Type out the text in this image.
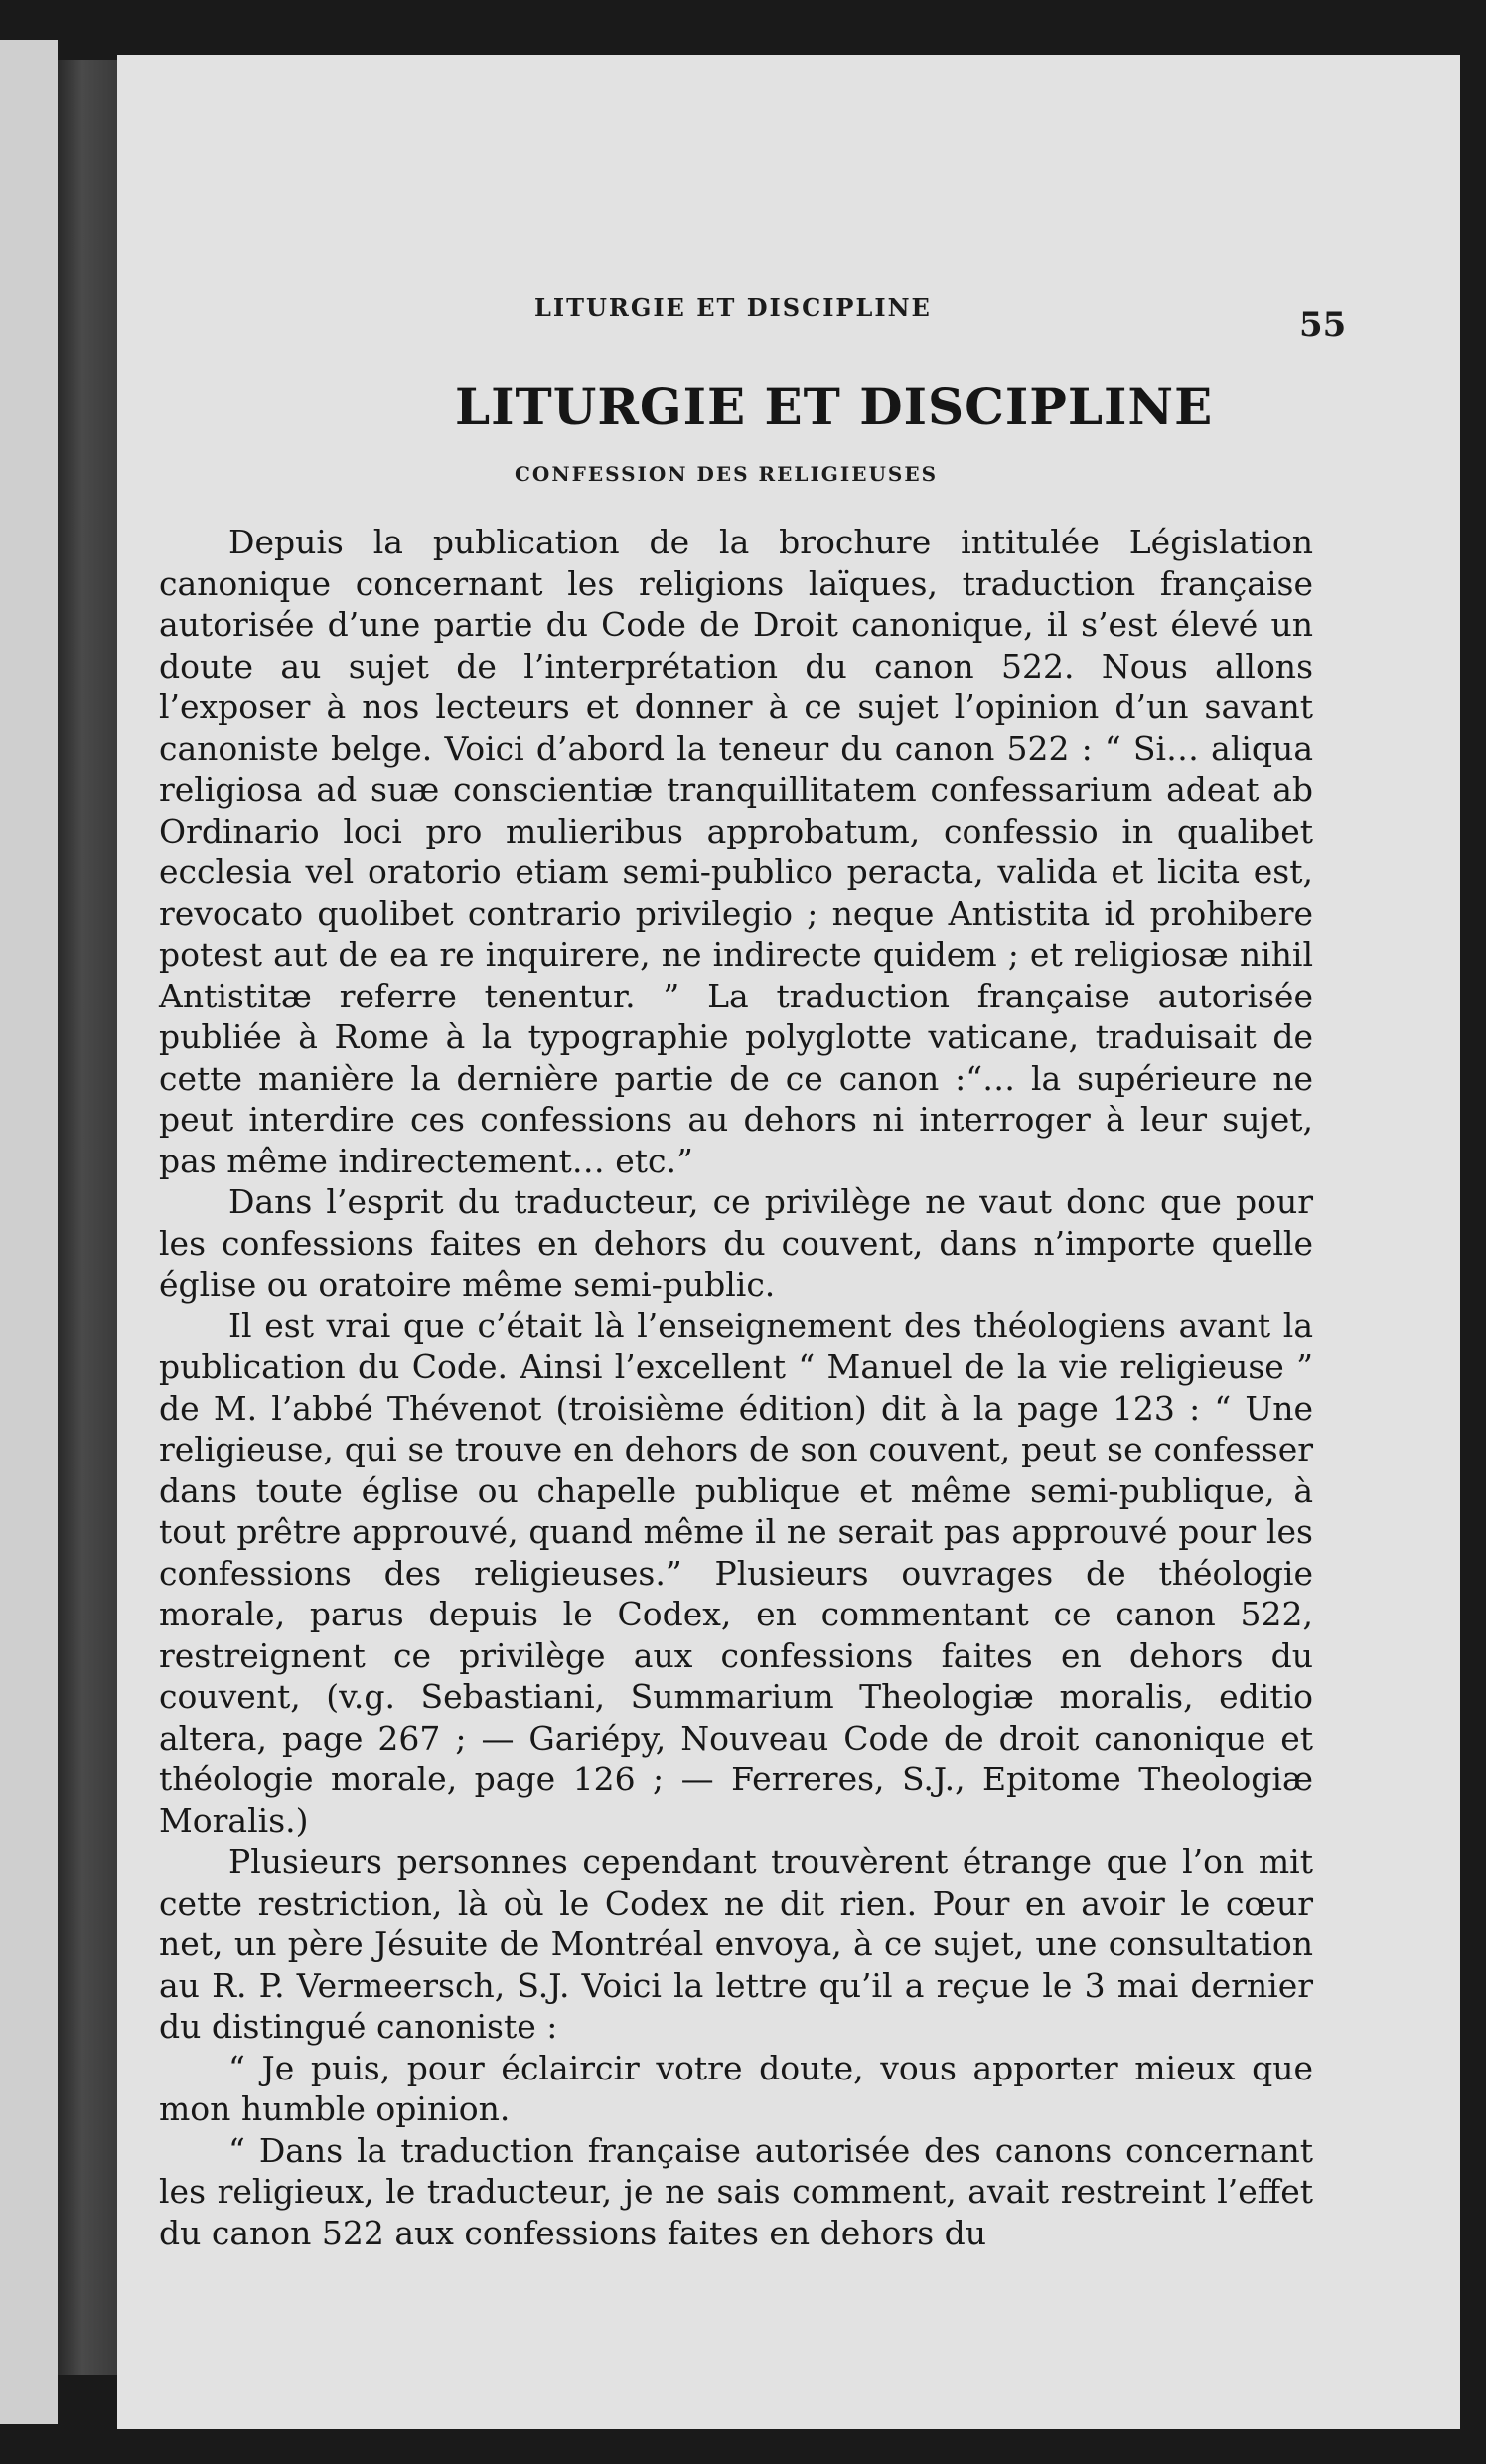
LITURGIE ET DISCIPLINE	55
LITURGIE ET DISCIPLINE
CONFESSION DES RELIGIEUSES

Depuis la publication de la brochure intitulée Législation canonique concernant les religions laïques, traduction française autorisée d’une partie du Code de Droit canonique, il s’est élevé un doute au sujet de l’interprétation du canon 522. Nous allons l’exposer à nos lecteurs et donner à ce sujet l’opinion d’un savant canoniste belge. Voici d’abord la teneur du canon 522 : “ Si… aliqua religiosa ad suæ conscientiæ tranquillitatem confessarium adeat ab Ordinario loci pro mulieribus approbatum, confessio in qualibet ecclesia vel oratorio etiam semi-publico peracta, valida et licita est, revocato quolibet contrario privilegio ; neque Antistita id prohibere potest aut de ea re inquirere, ne indirecte quidem ; et religiosæ nihil Antistitæ referre tenentur. ” La traduction française autorisée publiée à Rome à la typographie polyglotte vaticane, traduisait de cette manière la dernière partie de ce canon :“… la supérieure ne peut interdire ces confessions au dehors ni interroger à leur sujet, pas même indirectement… etc.”

Dans l’esprit du traducteur, ce privilège ne vaut donc que pour les confessions faites en dehors du couvent, dans n’importe quelle église ou oratoire même semi-public.

Il est vrai que c’était là l’enseignement des théologiens avant la publication du Code. Ainsi l’excellent “ Manuel de la vie religieuse ” de M. l’abbé Thévenot (troisième édition) dit à la page 123 : “ Une religieuse, qui se trouve en dehors de son couvent, peut se confesser dans toute église ou chapelle publique et même semi-publique, à tout prêtre approuvé, quand même il ne serait pas approuvé pour les confessions des religieuses.” Plusieurs ouvrages de théologie morale, parus depuis le Codex, en commentant ce canon 522, restreignent ce privilège aux confessions faites en dehors du couvent, (v.g. Sebastiani, Summarium Theologiæ moralis, editio altera, page 267 ; — Gariépy, Nouveau Code de droit canonique et théologie morale, page 126 ; — Ferreres, S.J., Epitome Theologiæ Moralis.)

Plusieurs personnes cependant trouvèrent étrange que l’on mit cette restriction, là où le Codex ne dit rien. Pour en avoir le cœur net, un père Jésuite de Montréal envoya, à ce sujet, une consultation au R. P. Vermeersch, S.J. Voici la lettre qu’il a reçue le 3 mai dernier du distingué canoniste :

“ Je puis, pour éclaircir votre doute, vous apporter mieux que mon humble opinion.

“ Dans la traduction française autorisée des canons concernant les religieux, le traducteur, je ne sais comment, avait restreint l’effet du canon 522 aux confessions faites en dehors du
